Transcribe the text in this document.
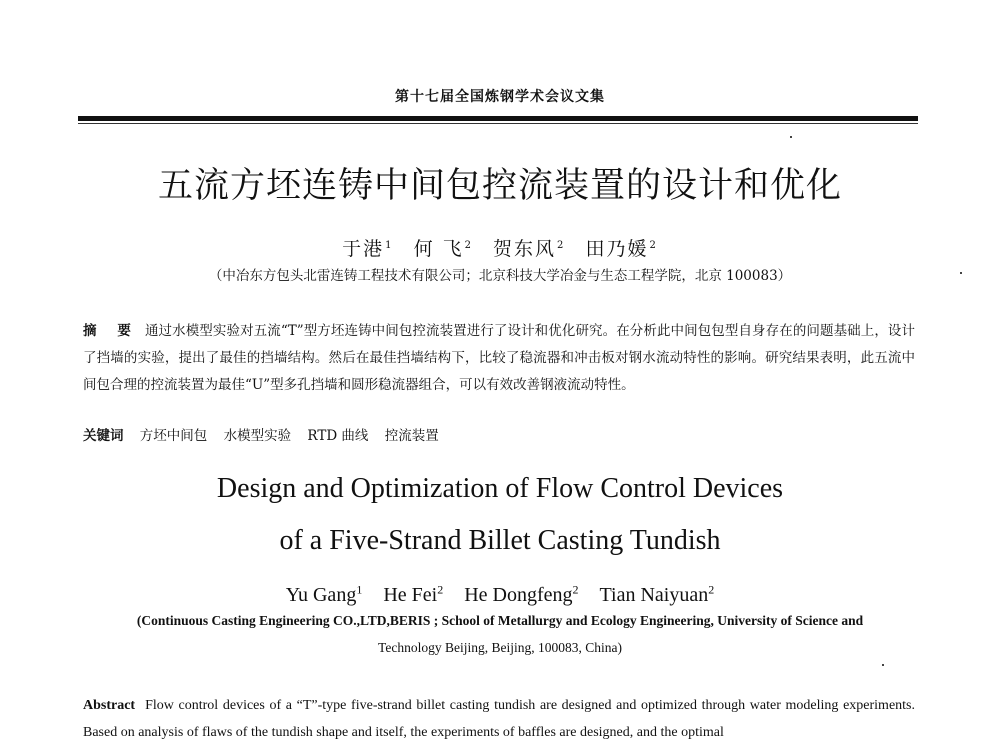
第十七届全国炼钢学术会议文集
五流方坯连铸中间包控流装置的设计和优化
于港$^1$ 何 飞$^2$ 贺东风$^2$ 田乃媛$^2$
（中冶东方包头北雷连铸工程技术有限公司；北京科技大学冶金与生态工程学院，北京 100083）
摘 要 通过水模型实验对五流“T”型方坯连铸中间包控流装置进行了设计和优化研究。在分析此中间包包型自身存在的问题基础上，设计了挡墙的实验，提出了最佳的挡墙结构。然后在最佳挡墙结构下，比较了稳流器和冲击板对钢水流动特性的影响。研究结果表明，此五流中间包合理的控流装置为最佳“U”型多孔挡墙和圆形稳流器组合，可以有效改善钢液流动特性。
关键词 方坯中间包 水模型实验 RTD 曲线 控流装置
Design and Optimization of Flow Control Devices
of a Five-Strand Billet Casting Tundish
Yu Gang$^1$ He Fei$^2$ He Dongfeng$^2$ Tian Naiyuan$^2$
(Continuous Casting Engineering CO.,LTD,BERIS ; School of Metallurgy and Ecology Engineering, University of Science and
Technology Beijing, Beijing, 100083, China)
Abstract Flow control devices of a “T”-type five-strand billet casting tundish are designed and optimized through water modeling experiments. Based on analysis of flaws of the tundish shape and itself, the experiments of baffles are designed, and the optimal
